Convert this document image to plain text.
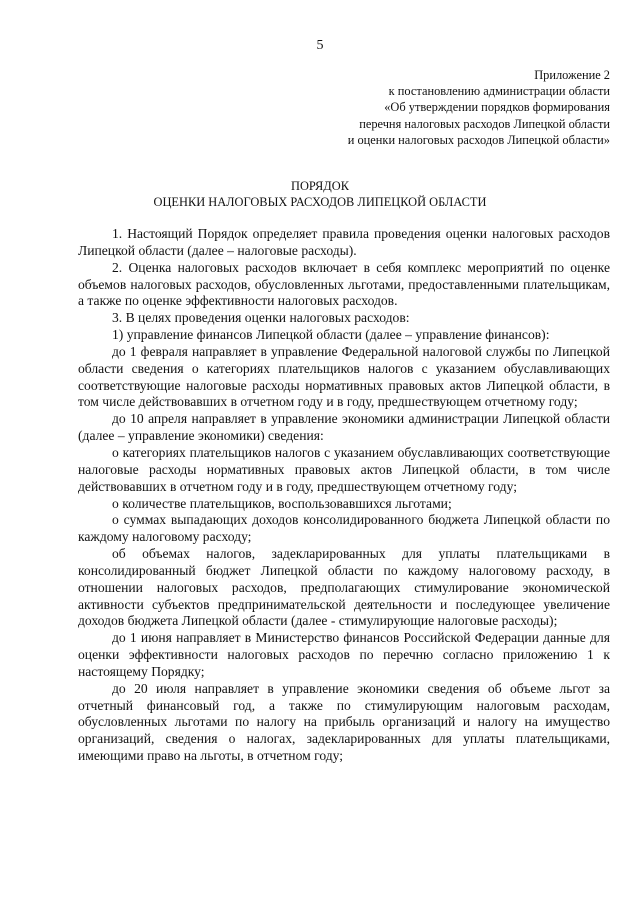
5
Приложение 2
к постановлению администрации области
«Об утверждении порядков формирования
перечня налоговых расходов Липецкой области
и оценки налоговых расходов Липецкой области»
ПОРЯДОК
ОЦЕНКИ НАЛОГОВЫХ РАСХОДОВ ЛИПЕЦКОЙ ОБЛАСТИ

1. Настоящий Порядок определяет правила проведения оценки налоговых расходов Липецкой области (далее – налоговые расходы).

2. Оценка налоговых расходов включает в себя комплекс мероприятий по оценке объемов налоговых расходов, обусловленных льготами, предоставленными плательщикам, а также по оценке эффективности налоговых расходов.

3. В целях проведения оценки налоговых расходов:

1) управление финансов Липецкой области (далее – управление финансов):

до 1 февраля направляет в управление Федеральной налоговой службы по Липецкой области сведения о категориях плательщиков налогов с указанием обуславливающих соответствующие налоговые расходы нормативных правовых актов Липецкой области, в том числе действовавших в отчетном году и в году, предшествующем отчетному году;

до 10 апреля направляет в управление экономики администрации Липецкой области (далее – управление экономики) сведения:

о категориях плательщиков налогов с указанием обуславливающих соответствующие налоговые расходы нормативных правовых актов Липецкой области, в том числе действовавших в отчетном году и в году, предшествующем отчетному году;

о количестве плательщиков, воспользовавшихся льготами;

о суммах выпадающих доходов консолидированного бюджета Липецкой области по каждому налоговому расходу;

об объемах налогов, задекларированных для уплаты плательщиками в консолидированный бюджет Липецкой области по каждому налоговому расходу, в отношении налоговых расходов, предполагающих стимулирование экономической активности субъектов предпринимательской деятельности и последующее увеличение доходов бюджета Липецкой области (далее - стимулирующие налоговые расходы);

до 1 июня направляет в Министерство финансов Российской Федерации данные для оценки эффективности налоговых расходов по перечню согласно приложению 1 к настоящему Порядку;

до 20 июля направляет в управление экономики сведения об объеме льгот за отчетный финансовый год, а также по стимулирующим налоговым расходам, обусловленных льготами по налогу на прибыль организаций и налогу на имущество организаций, сведения о налогах, задекларированных для уплаты плательщиками, имеющими право на льготы, в отчетном году;
